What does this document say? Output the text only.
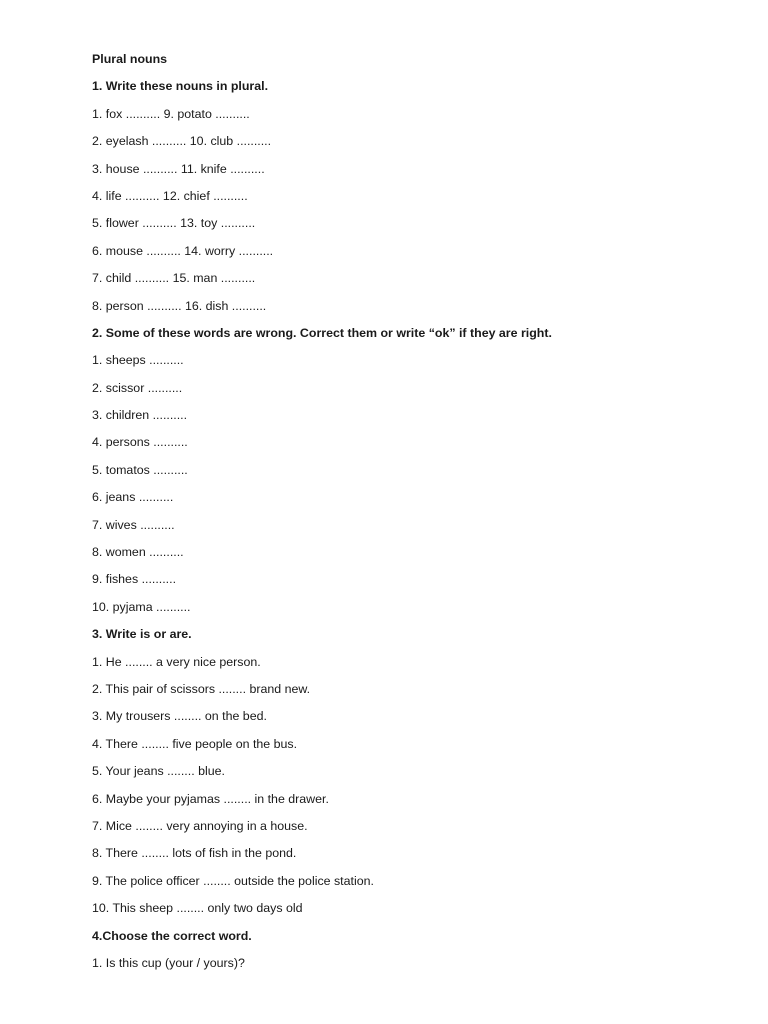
Plural nouns
1. Write these nouns in plural.
1. fox .......... 9. potato ..........
2. eyelash .......... 10. club ..........
3. house .......... 11. knife ..........
4. life .......... 12. chief ..........
5. flower .......... 13. toy ..........
6. mouse .......... 14. worry ..........
7. child .......... 15. man ..........
8. person .......... 16. dish ..........
2. Some of these words are wrong. Correct them or write “ok” if they are right.
1. sheeps ..........
2. scissor ..........
3. children ..........
4. persons ..........
5. tomatos ..........
6. jeans ..........
7. wives ..........
8. women ..........
9. fishes ..........
10. pyjama ..........
3. Write is or are.
1. He ........ a very nice person.
2. This pair of scissors ........ brand new.
3. My trousers ........ on the bed.
4. There ........ five people on the bus.
5. Your jeans ........ blue.
6. Maybe your pyjamas ........ in the drawer.
7. Mice ........ very annoying in a house.
8. There ........ lots of fish in the pond.
9. The police officer ........ outside the police station.
10. This sheep ........ only two days old
4.Choose the correct word.
1. Is this cup (your / yours)?
